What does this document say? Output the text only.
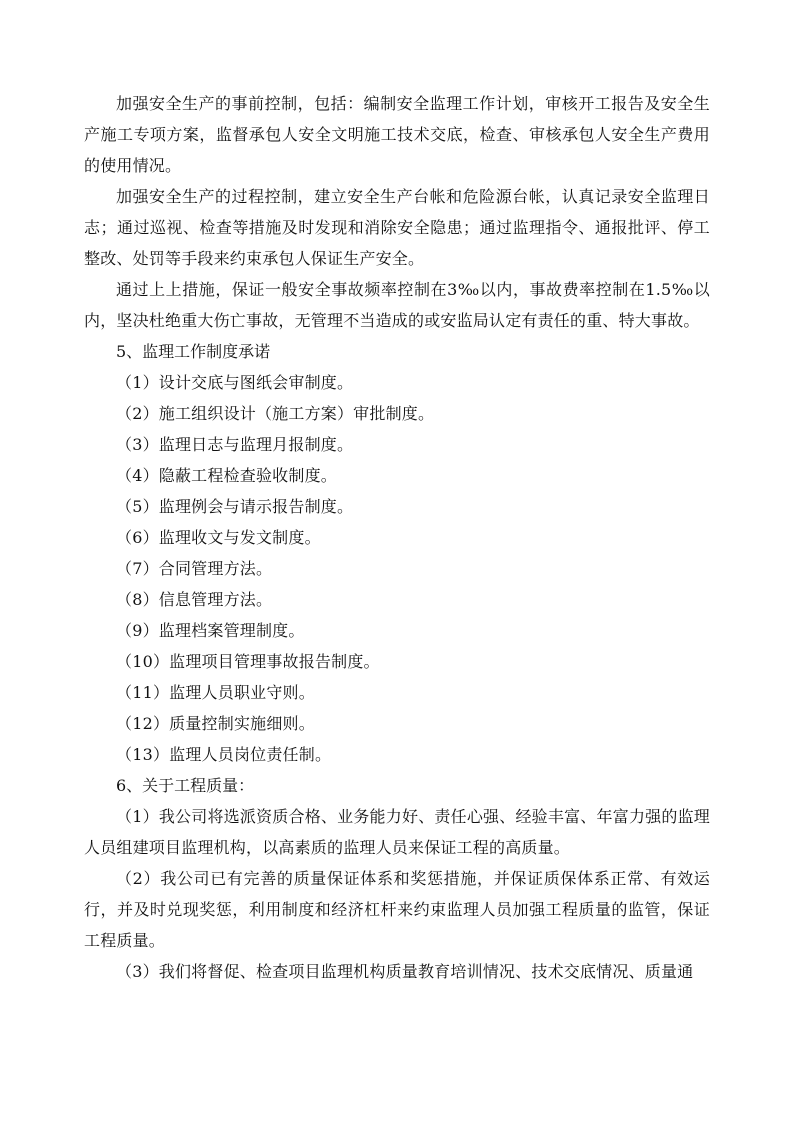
加强安全生产的事前控制，包括：编制安全监理工作计划，审核开工报告及安全生产施工专项方案，监督承包人安全文明施工技术交底，检查、审核承包人安全生产费用的使用情况。

加强安全生产的过程控制，建立安全生产台帐和危险源台帐，认真记录安全监理日志；通过巡视、检查等措施及时发现和消除安全隐患；通过监理指令、通报批评、停工整改、处罚等手段来约束承包人保证生产安全。

通过上上措施，保证一般安全事故频率控制在3‰以内，事故费率控制在1.5‰以内，坚决杜绝重大伤亡事故，无管理不当造成的或安监局认定有责任的重、特大事故。

5、监理工作制度承诺

（1）设计交底与图纸会审制度。

（2）施工组织设计（施工方案）审批制度。

（3）监理日志与监理月报制度。

（4）隐蔽工程检查验收制度。

（5）监理例会与请示报告制度。

（6）监理收文与发文制度。

（7）合同管理方法。

（8）信息管理方法。

（9）监理档案管理制度。

（10）监理项目管理事故报告制度。

（11）监理人员职业守则。

（12）质量控制实施细则。

（13）监理人员岗位责任制。

6、关于工程质量：

（1）我公司将选派资质合格、业务能力好、责任心强、经验丰富、年富力强的监理人员组建项目监理机构，以高素质的监理人员来保证工程的高质量。

（2）我公司已有完善的质量保证体系和奖惩措施，并保证质保体系正常、有效运行，并及时兑现奖惩，利用制度和经济杠杆来约束监理人员加强工程质量的监管，保证工程质量。

（3）我们将督促、检查项目监理机构质量教育培训情况、技术交底情况、质量通
